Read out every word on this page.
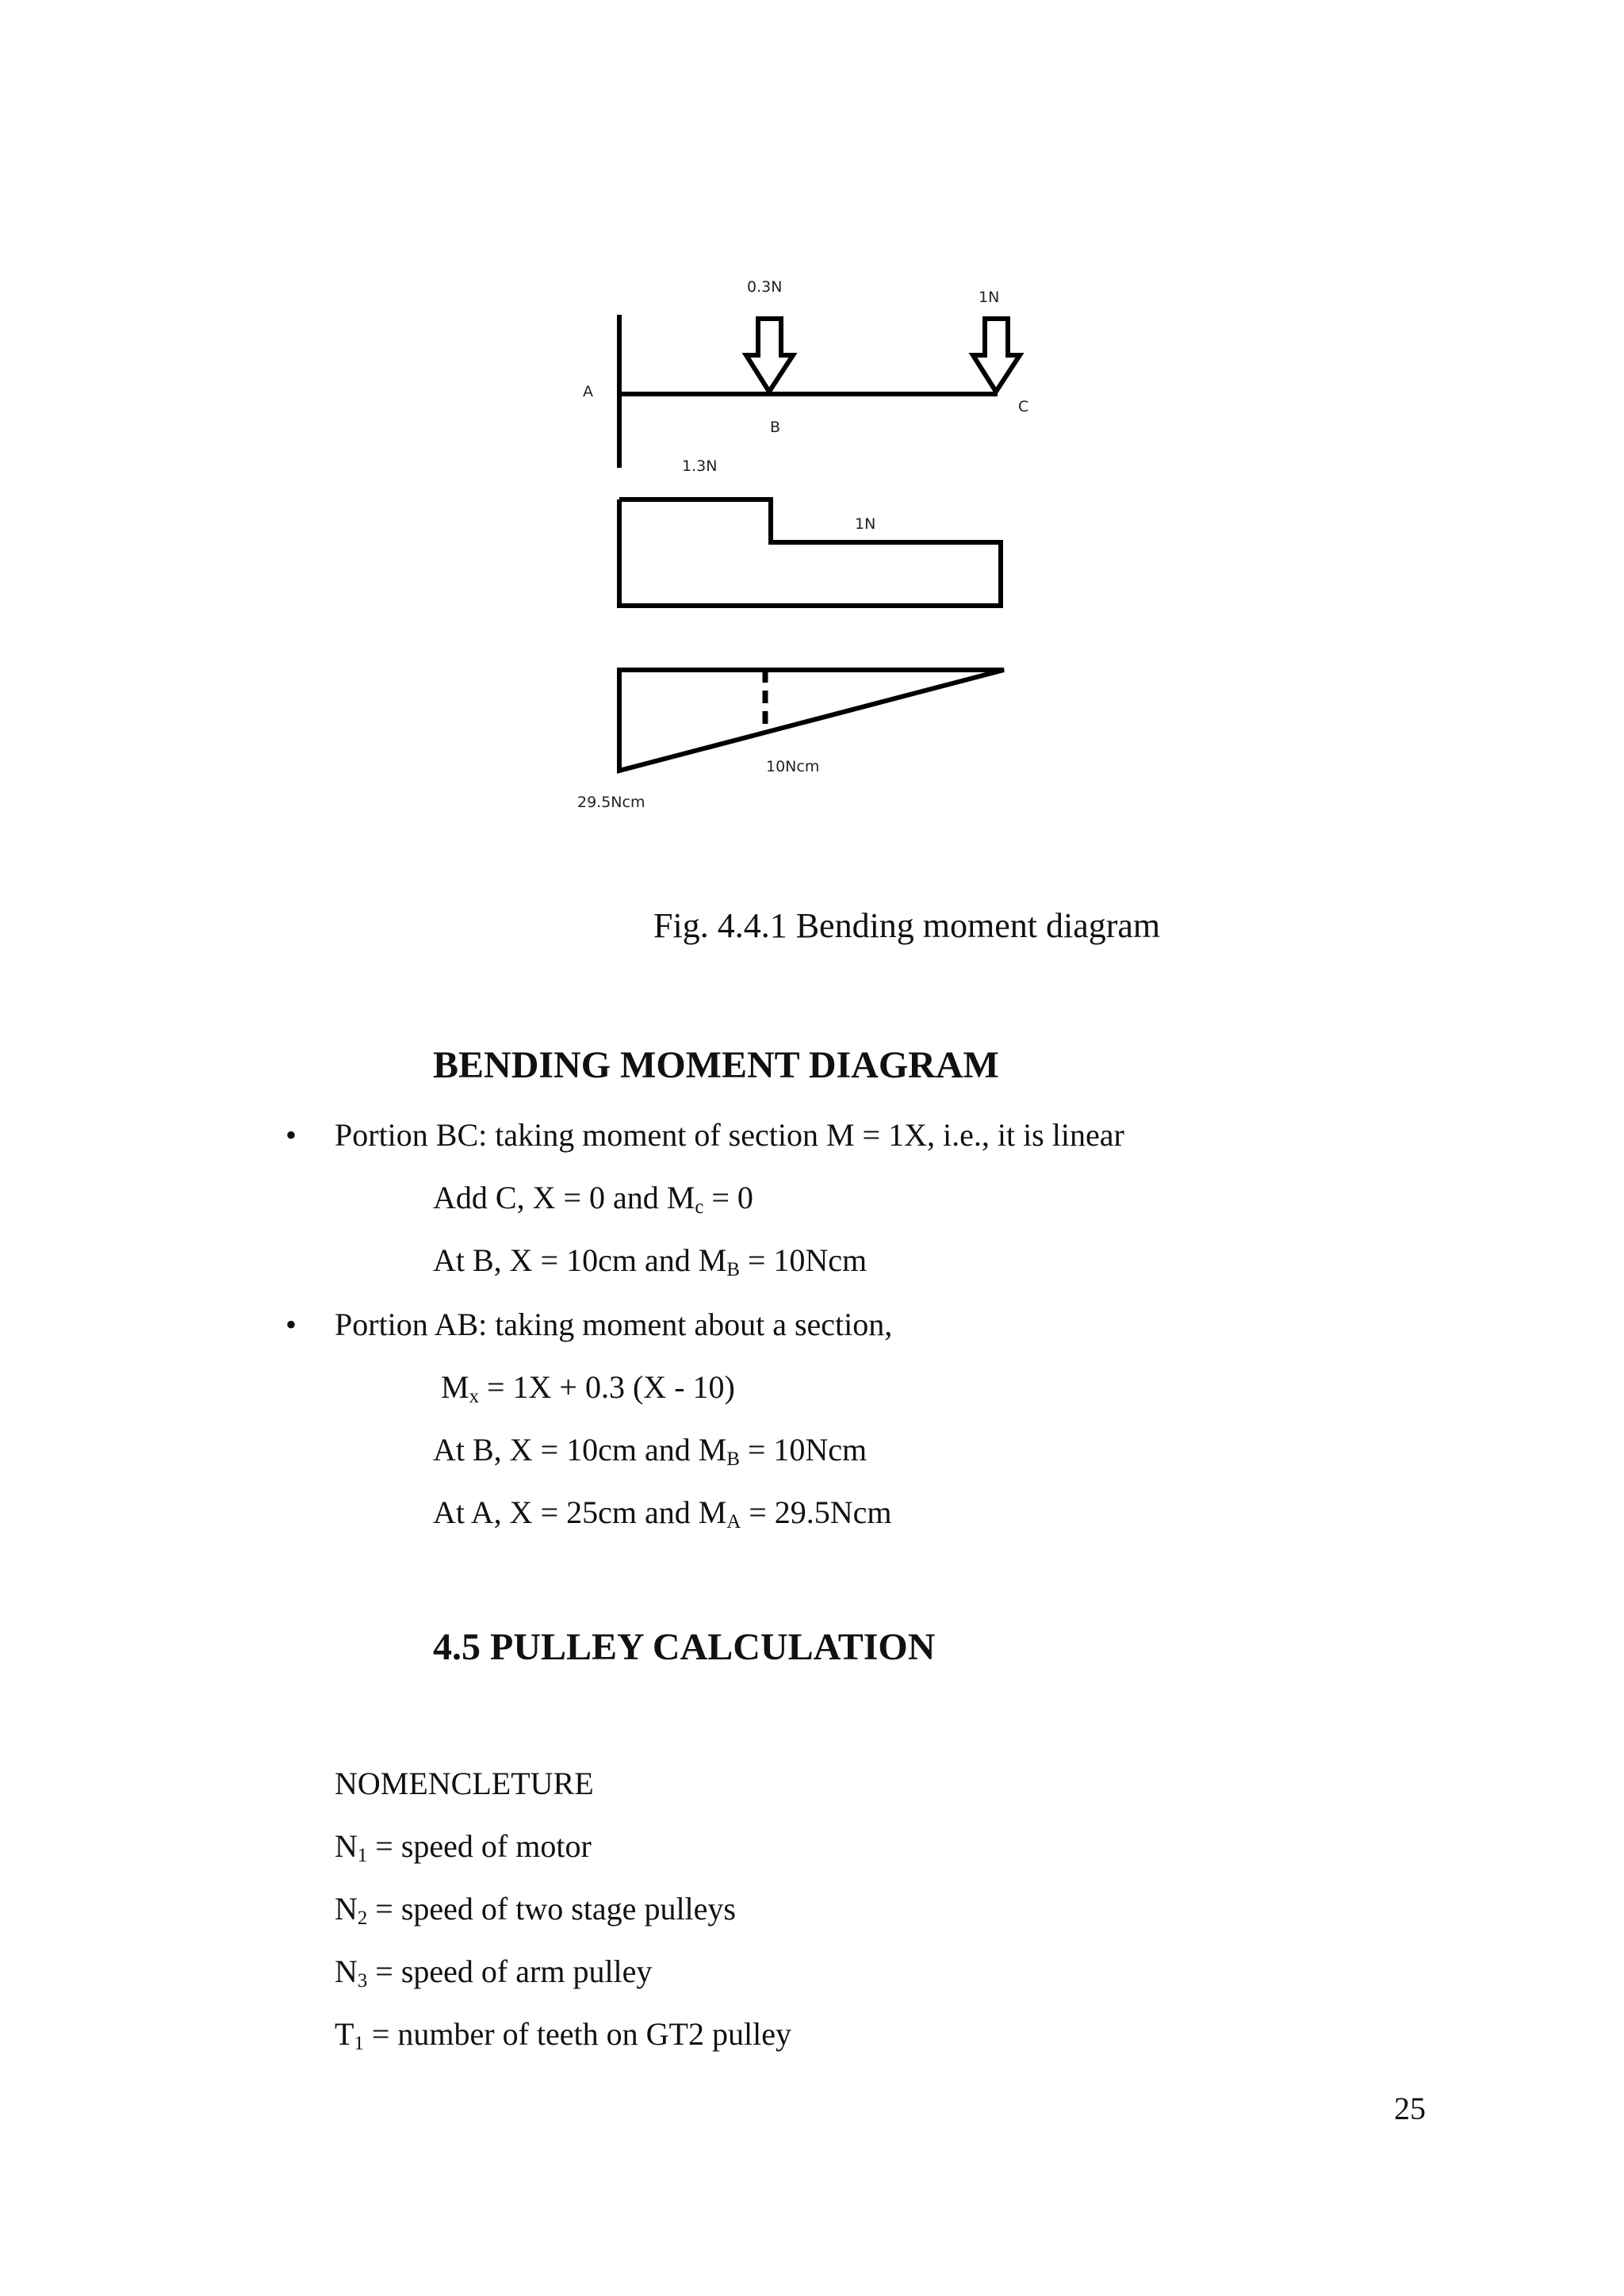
A
B
C
0.3N
1N
1.3N
1N
10Ncm
29.5Ncm
Fig. 4.4.1 Bending moment diagram
BENDING MOMENT DIAGRAM
• Portion BC: taking moment of section M = 1X, i.e., it is linear
Add C, X = 0 and $M_c = 0$
At B, X = 10cm and $M_B = 10Ncm$
• Portion AB: taking moment about a section,
$M_x = 1X + 0.3$ (X - 10)
At B, X = 10cm and $M_B = 10Ncm$
At A, X = 25cm and $M_A = 29.5Ncm$
4.5 PULLEY CALCULATION
NOMENCLETURE
$N_1$ = speed of motor
$N_2$ = speed of two stage pulleys
$N_3$ = speed of arm pulley
$T_1$ = number of teeth on GT2 pulley
25
